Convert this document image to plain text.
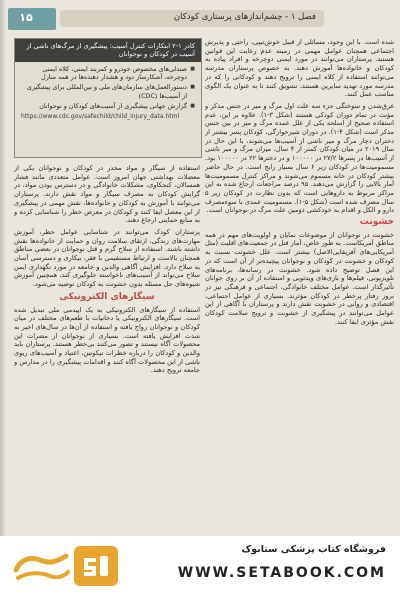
۱۵	فصل ۱ - چشم‌اندازهای پرستاری کودکان

شده است. با این وجود، مسائلی از قبیل خوش‌تیپی، راحتی و پذیرش اجتماعی همچنان عوامل مهمی در زمینه عدم رعایت این قوانین هستند. پرستاران می‌توانند در مورد ایمنی دوچرخه و افراد پیاده به کودکان و خانواده‌ها آموزش دهند. به خصوص پرستاران مدرسه می‌توانند استفاده از کلاه ایمنی را ترویج دهند و کودکانی را که در مدرسه مورد تهدید سایرین هستند، تشویق کنند تا به عنوان یک الگوی مناسب عمل کنند.

غرق‌شدن و سوختگی جزء سه علت اول مرگ و میر در جنس مذکر و مؤنث در تمام دوران کودکی هستند (شکل ۳-۱). علاوه بر این، عدم استفاده صحیح از اسلحه یکی از علل عمده مرگ و میر در بین جنس مذکر است (شکل ۴-۱). در دوران شیرخوارگی، کودکان پسر بیشتر از دختران دچار مرگ و میر ناشی از آسیب‌ها می‌شوند، با این حال در سال ۲۰۱۹ در میان کودکان کمتر از ۴ سال، میزان مرگ و میر ناشی از آسیب‌ها در پسرها ۲۷/۲ در ۱۰۰۰۰۰ و در دخترها ۲۲ در ۱۰۰۰۰۰ بود. مسمومیت‌ها در کودکان زیر ۶ سال بسیار رایج است. در حال حاضر بیشتر کودکان در خانه مسموم می‌شوند و مراکز کنترل مسمومیت‌ها آمار بالایی را گزارش می‌دهند. ۹۵ درصد مراجعات ارجاع شده به این مراکز مربوط به داروهایی است که بدون نظارت در کودکان زیر ۵ سال مصرف شده است (شکل ۵-۱). مسمومیت عمدی با سوءمصرف دارو و الکل و اقدام به خودکشی دومین علت مرگ در نوجوانان است.

خشونت

خشونت در نوجوانان از موضوعات نمایان و اولویت‌های مهم در همه مناطق آمریکاست. به طور خاص، آمار قتل در جمعیت‌های اقلیت (مثل آمریکایی‌های آفریقایی‌الاصل) بیشتر است. علل خشونت نسبت به کودکان و خشونت در کودکان و نوجوانان پیچیده‌تر از آن است که در این فصل توضیح داده شود. خشونت در رسانه‌ها، برنامه‌های تلویزیونی، فیلم‌ها و بازی‌های ویدئویی و استفاده از آن بر روی جوانان تأثیرگذار است. عوامل مختلف خانوادگی، اجتماعی و فرهنگی نیز در بروز رفتار پرخطر در کودکان مؤثرند. بسیاری از عوامل اجتماعی، اقتصادی و روانی در خشونت نقش دارند و پرستاران با آگاهی از این عوامل می‌توانند در پیشگیری از خشونت و ترویج سلامت کودکان نقش مؤثری ایفا کنند.

کادر ۱-۲ ابتکارات کنترل آسیب: پیشگیری از مرگ‌های ناشی از آسیب در کودکان و نوجوانان
■ صندلی‌های مخصوص خودرو و کمربند ایمنی، کلاه ایمنی دوچرخه، آشکارساز دود و هشدار دهنده‌ها در همه منازل
■ دستورالعمل‌های سازمان‌های ملی و بین‌المللی برای پیشگیری از آسیب‌ها (CDC)
■ گزارش جهانی پیشگیری از آسیب‌های کودکان و نوجوانان
https://www.cdc.gov/safechild/child_injury_data.html

استفاده از سیگار و مواد مخدر در کودکان و نوجوانان یکی از معضلات بهداشتی جهان امروز است. عوامل متعددی مانند فشار همسالان، کنجکاوی، مشکلات خانوادگی و در دسترس بودن مواد، در گرایش کودکان به مصرف سیگار و مواد نقش دارند. پرستاران می‌توانند با آموزش به کودکان و خانواده‌ها، نقش مهمی در پیشگیری از این معضل ایفا کنند و کودکان در معرض خطر را شناسایی کرده و به منابع حمایتی ارجاع دهند.

پرستاران کودک می‌توانند در شناسایی عوامل خطر، آموزش مهارت‌های زندگی، ارتقای سلامت روان و حمایت از خانواده‌ها نقش داشته باشند. استفاده از سلاح گرم و قتل نوجوانان در بعضی مناطق همچنان بالاست و ارتباط مستقیمی با فقر، بیکاری و دسترسی آسان به سلاح دارد. افزایش آگاهی والدین و جامعه در مورد نگهداری ایمن سلاح می‌تواند از آسیب‌های ناخواسته جلوگیری کند. همچنین آموزش شیوه‌های حل مسئله بدون خشونت به کودکان توصیه می‌شود.

سیگارهای الکترونیکی

استفاده از سیگارهای الکترونیکی به یک اپیدمی ملی تبدیل شده است. سیگارهای الکترونیکی یا دخانیات با طعم‌های مختلف در میان کودکان و نوجوانان رواج یافته و استفاده از آن‌ها در سال‌های اخیر به شدت افزایش یافته است. بسیاری از نوجوانان از مضرات این محصولات آگاه نیستند و تصور می‌کنند بی‌خطر هستند. پرستاران باید والدین و کودکان را درباره خطرات نیکوتین، اعتیاد و آسیب‌های ریوی ناشی از این محصولات آگاه کنند و اقدامات پیشگیری را در مدارس و جامعه ترویج دهند.

فروشگاه کتاب پزشکی ستابوک
WWW.SETABOOK.COM
